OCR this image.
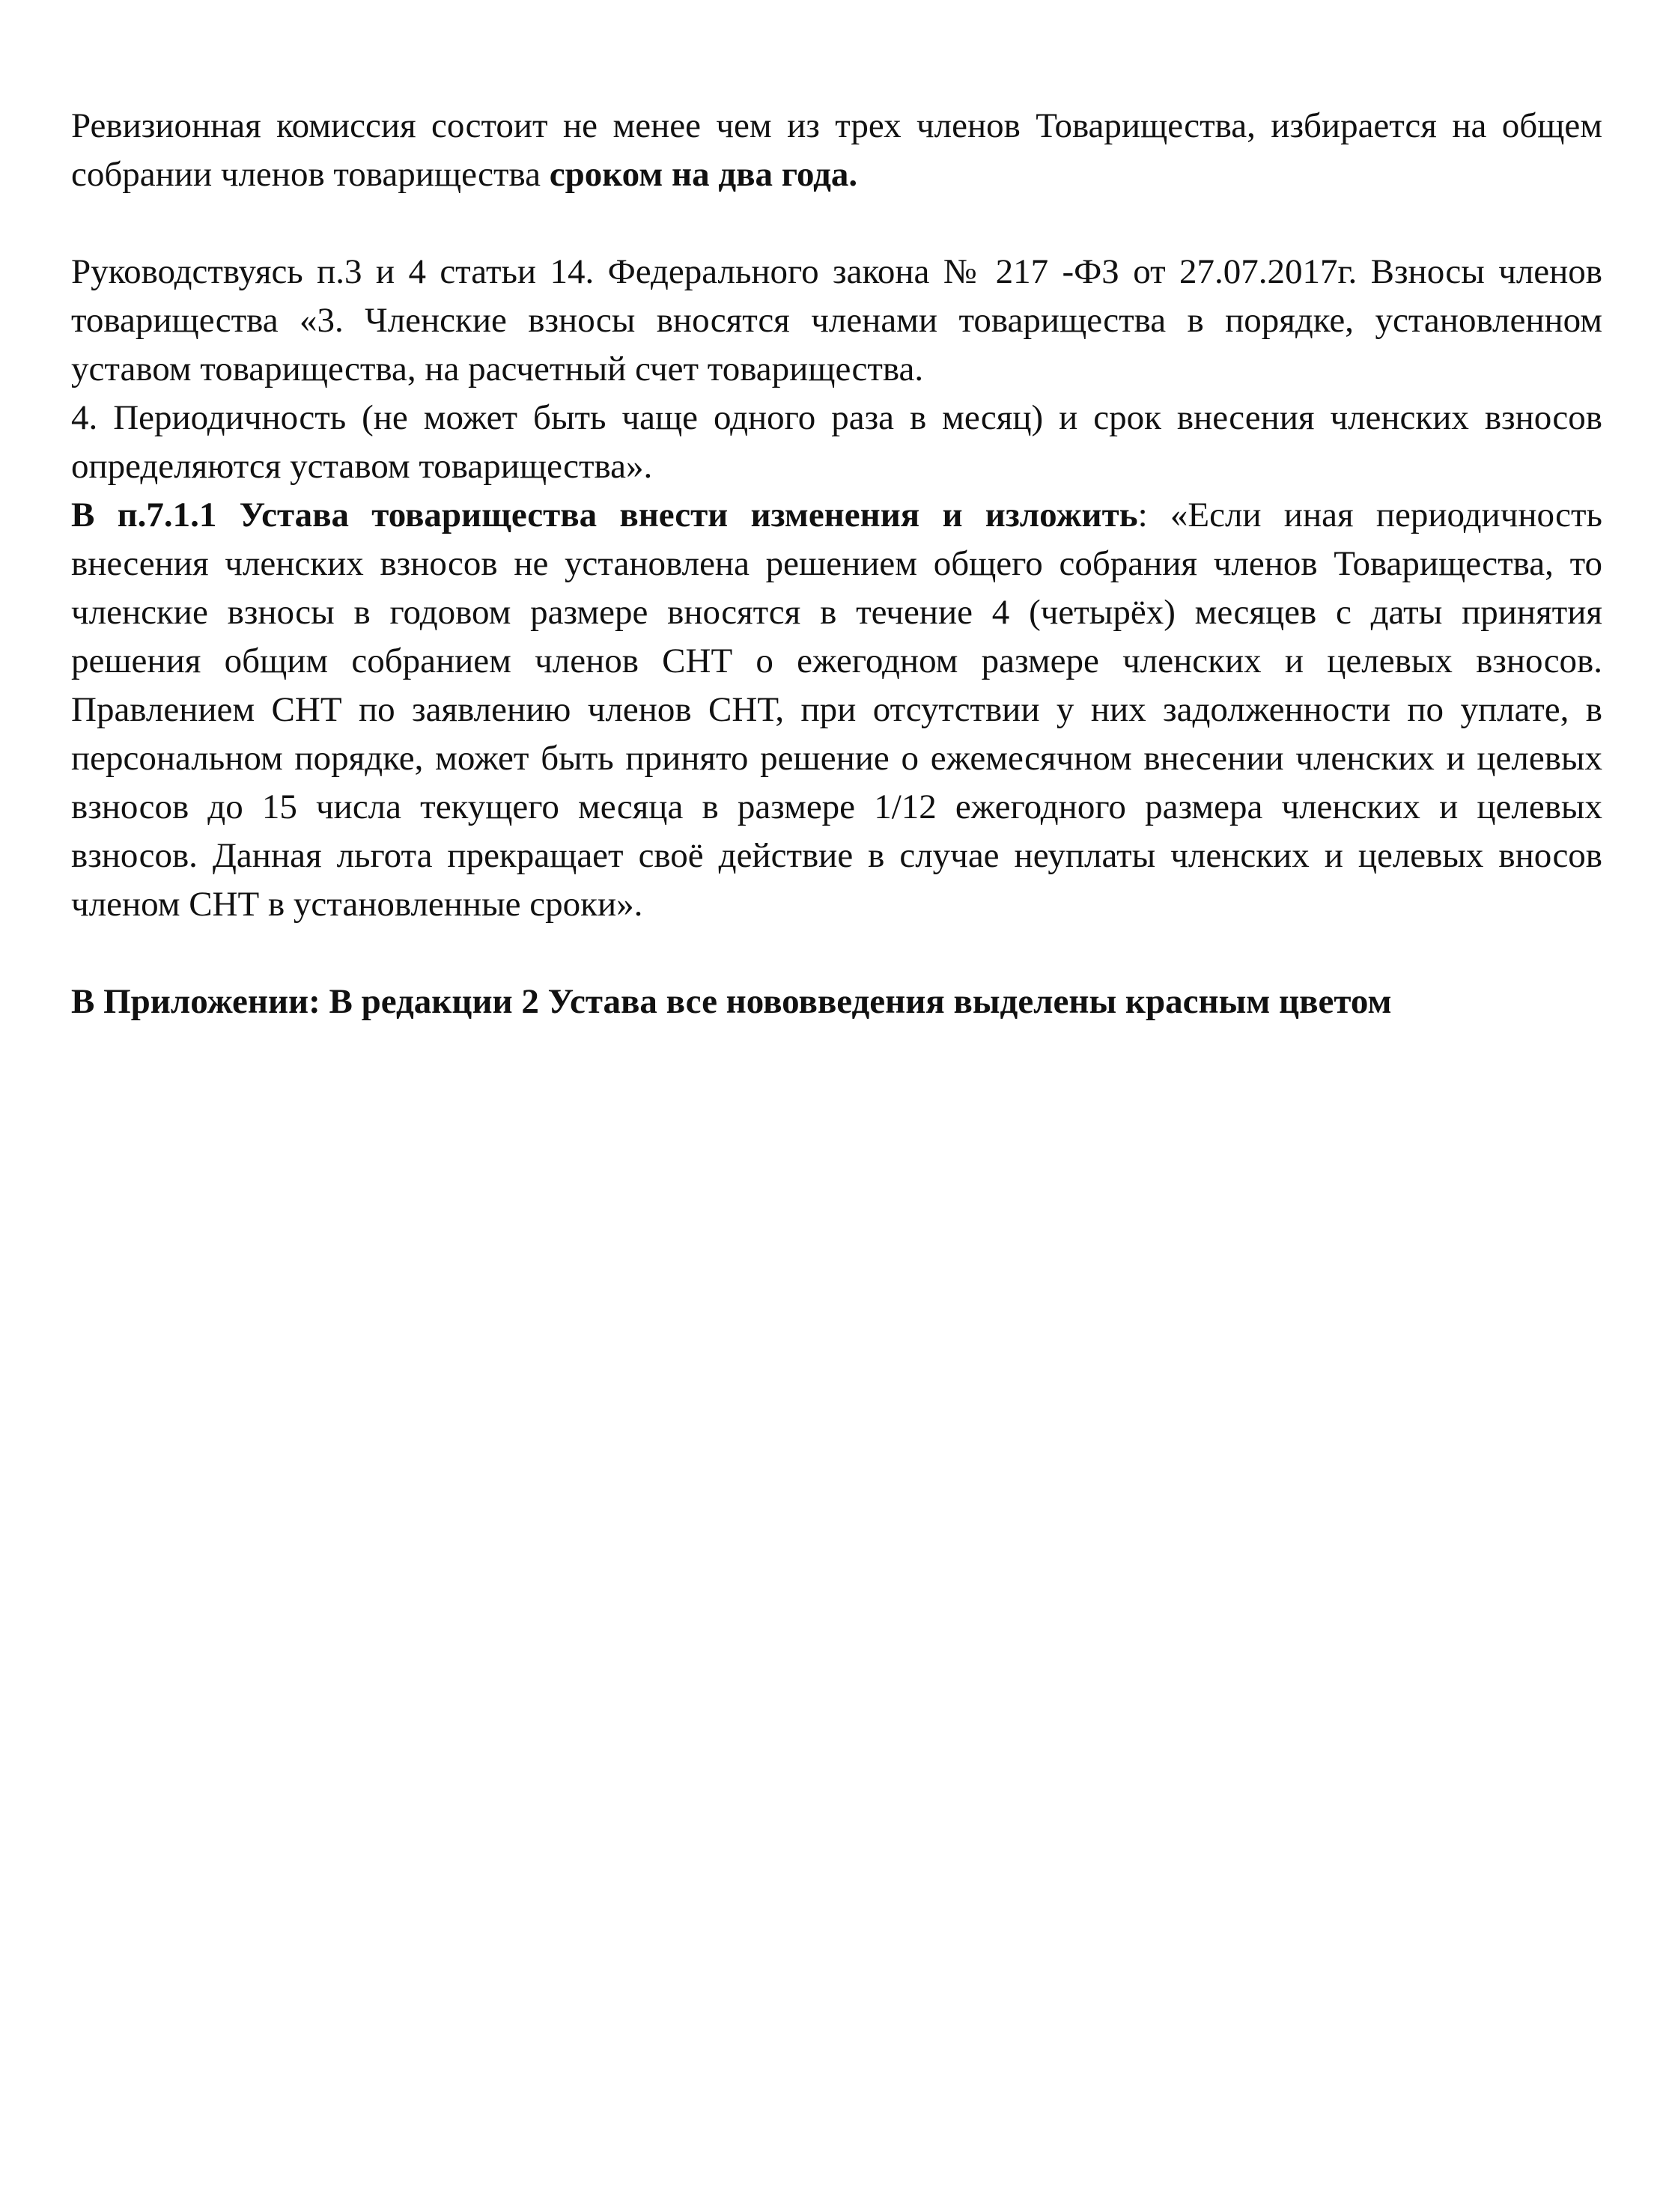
Ревизионная комиссия состоит не менее чем из трех членов Товарищества, избирается на общем собрании членов товарищества сроком на два года.

Руководствуясь п.3 и 4 статьи 14. Федерального закона № 217 -ФЗ от 27.07.2017г. Взносы членов товарищества «3. Членские взносы вносятся членами товарищества в порядке, установленном уставом товарищества, на расчетный счет товарищества.

4. Периодичность (не может быть чаще одного раза в месяц) и срок внесения членских взносов определяются уставом товарищества».

В п.7.1.1 Устава товарищества внести изменения и изложить: «Если иная периодичность внесения членских взносов не установлена решением общего собрания членов Товарищества, то членские взносы в годовом размере вносятся в течение 4 (четырёх) месяцев с даты принятия решения общим собранием членов СНТ о ежегодном размере членских и целевых взносов. Правлением СНТ по заявлению членов СНТ, при отсутствии у них задолженности по уплате, в персональном порядке, может быть принято решение о ежемесячном внесении членских и целевых взносов до 15 числа текущего месяца в размере 1/12 ежегодного размера членских и целевых взносов. Данная льгота прекращает своё действие в случае неуплаты членских и целевых вносов членом СНТ в установленные сроки».

В Приложении: В редакции 2 Устава все нововведения выделены красным цветом
